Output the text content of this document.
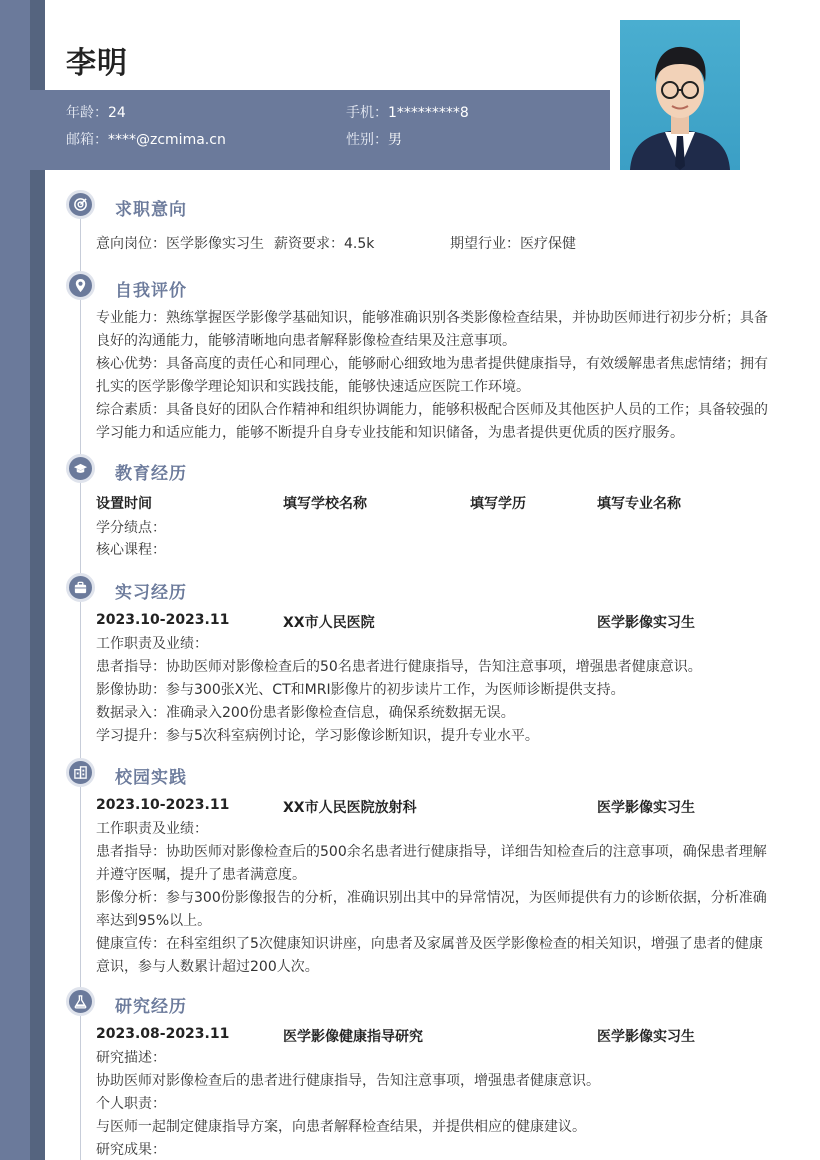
李明
年龄：24	手机：1*********8
邮箱：****@zcmima.cn	性别：男
求职意向
意向岗位：医学影像实习生 薪资要求：4.5k	期望行业：医疗保健
自我评价
专业能力：熟练掌握医学影像学基础知识，能够准确识别各类影像检查结果，并协助医师进行初步分析；具备良好的沟通能力，能够清晰地向患者解释影像检查结果及注意事项。
核心优势：具备高度的责任心和同理心，能够耐心细致地为患者提供健康指导，有效缓解患者焦虑情绪；拥有扎实的医学影像学理论知识和实践技能，能够快速适应医院工作环境。
综合素质：具备良好的团队合作精神和组织协调能力，能够积极配合医师及其他医护人员的工作；具备较强的学习能力和适应能力，能够不断提升自身专业技能和知识储备，为患者提供更优质的医疗服务。
教育经历
设置时间	填写学校名称	填写学历	填写专业名称
学分绩点：
核心课程：
实习经历
2023.10-2023.11	XX市人民医院	医学影像实习生
工作职责及业绩：
患者指导：协助医师对影像检查后的50名患者进行健康指导，告知注意事项，增强患者健康意识。
影像协助：参与300张X光、CT和MRI影像片的初步读片工作，为医师诊断提供支持。
数据录入：准确录入200份患者影像检查信息，确保系统数据无误。
学习提升：参与5次科室病例讨论，学习影像诊断知识，提升专业水平。
校园实践
2023.10-2023.11	XX市人民医院放射科	医学影像实习生
工作职责及业绩：
患者指导：协助医师对影像检查后的500余名患者进行健康指导，详细告知检查后的注意事项，确保患者理解并遵守医嘱，提升了患者满意度。
影像分析：参与300份影像报告的分析，准确识别出其中的异常情况，为医师提供有力的诊断依据，分析准确率达到95%以上。
健康宣传：在科室组织了5次健康知识讲座，向患者及家属普及医学影像检查的相关知识，增强了患者的健康意识，参与人数累计超过200人次。
研究经历
2023.08-2023.11	医学影像健康指导研究	医学影像实习生
研究描述：
协助医师对影像检查后的患者进行健康指导，告知注意事项，增强患者健康意识。
个人职责：
与医师一起制定健康指导方案，向患者解释检查结果，并提供相应的健康建议。
研究成果：
